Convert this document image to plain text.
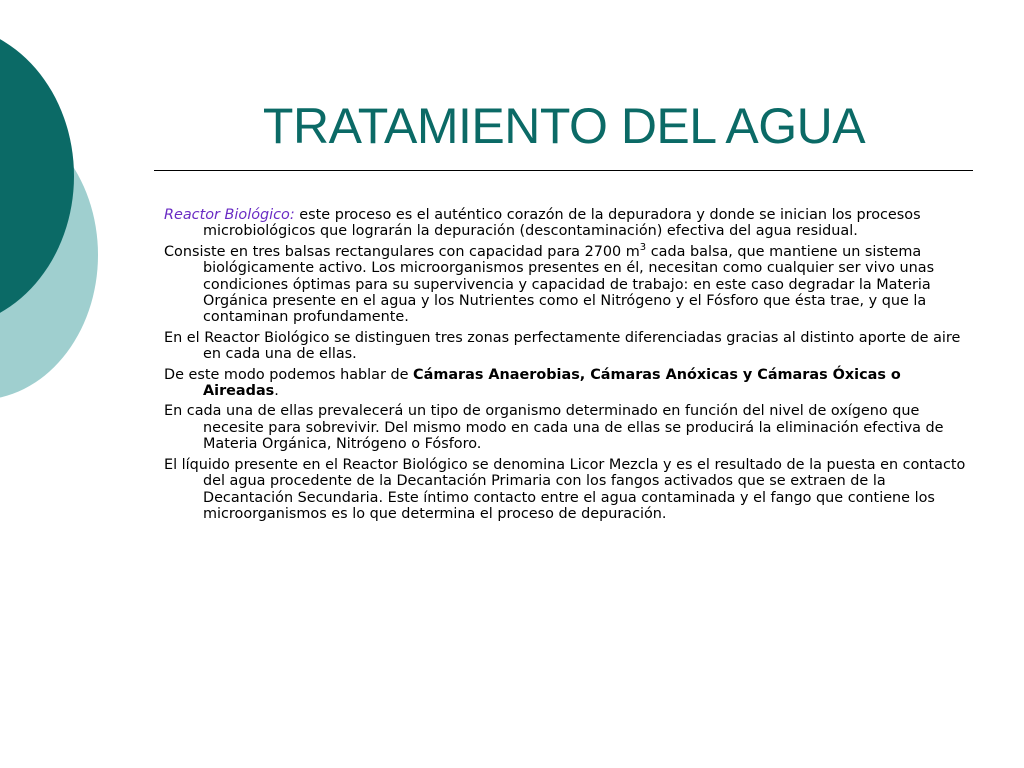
TRATAMIENTO DEL AGUA

Reactor Biológico: este proceso es el auténtico corazón de la depuradora y donde se inician los procesos microbiológicos que lograrán la depuración (descontaminación) efectiva del agua residual.

Consiste en tres balsas rectangulares con capacidad para 2700 $m^3$ cada balsa, que mantiene un sistema biológicamente activo. Los microorganismos presentes en él, necesitan como cualquier ser vivo unas condiciones óptimas para su supervivencia y capacidad de trabajo: en este caso degradar la Materia Orgánica presente en el agua y los Nutrientes como el Nitrógeno y el Fósforo que ésta trae, y que la contaminan profundamente.

En el Reactor Biológico se distinguen tres zonas perfectamente diferenciadas gracias al distinto aporte de aire en cada una de ellas.

De este modo podemos hablar de Cámaras Anaerobias, Cámaras Anóxicas y Cámaras Óxicas o Aireadas.

En cada una de ellas prevalecerá un tipo de organismo determinado en función del nivel de oxígeno que necesite para sobrevivir. Del mismo modo en cada una de ellas se producirá la eliminación efectiva de Materia Orgánica, Nitrógeno o Fósforo.

El líquido presente en el Reactor Biológico se denomina Licor Mezcla y es el resultado de la puesta en contacto del agua procedente de la Decantación Primaria con los fangos activados que se extraen de la Decantación Secundaria. Este íntimo contacto entre el agua contaminada y el fango que contiene los microorganismos es lo que determina el proceso de depuración.
